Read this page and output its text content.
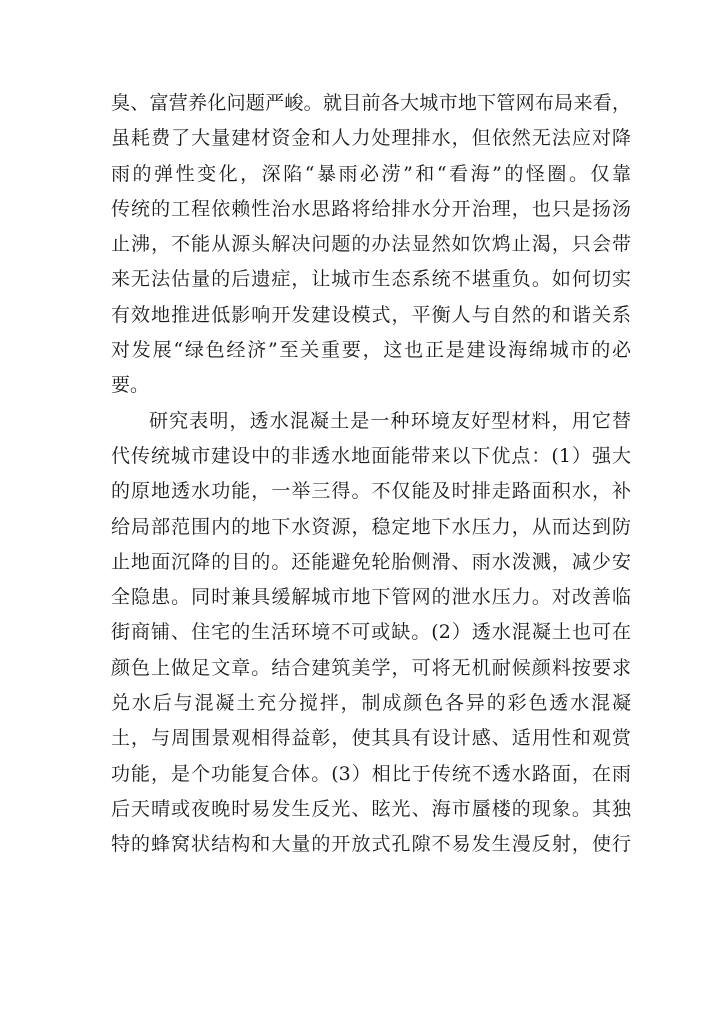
臭、富营养化问题严峻。就目前各大城市地下管网布局来看，
虽耗费了大量建材资金和人力处理排水，但依然无法应对降
雨的弹性变化，深陷“暴雨必涝”和“看海”的怪圈。仅靠
传统的工程依赖性治水思路将给排水分开治理，也只是扬汤
止沸，不能从源头解决问题的办法显然如饮鸩止渴，只会带
来无法估量的后遗症，让城市生态系统不堪重负。如何切实
有效地推进低影响开发建设模式，平衡人与自然的和谐关系
对发展“绿色经济”至关重要，这也正是建设海绵城市的必
要。
研究表明，透水混凝土是一种环境友好型材料，用它替
代传统城市建设中的非透水地面能带来以下优点：(1）强大
的原地透水功能，一举三得。不仅能及时排走路面积水，补
给局部范围内的地下水资源，稳定地下水压力，从而达到防
止地面沉降的目的。还能避免轮胎侧滑、雨水泼溅，减少安
全隐患。同时兼具缓解城市地下管网的泄水压力。对改善临
街商铺、住宅的生活环境不可或缺。(2）透水混凝土也可在
颜色上做足文章。结合建筑美学，可将无机耐候颜料按要求
兑水后与混凝土充分搅拌，制成颜色各异的彩色透水混凝
土，与周围景观相得益彰，使其具有设计感、适用性和观赏
功能，是个功能复合体。(3）相比于传统不透水路面，在雨
后天晴或夜晚时易发生反光、眩光、海市蜃楼的现象。其独
特的蜂窝状结构和大量的开放式孔隙不易发生漫反射，使行
